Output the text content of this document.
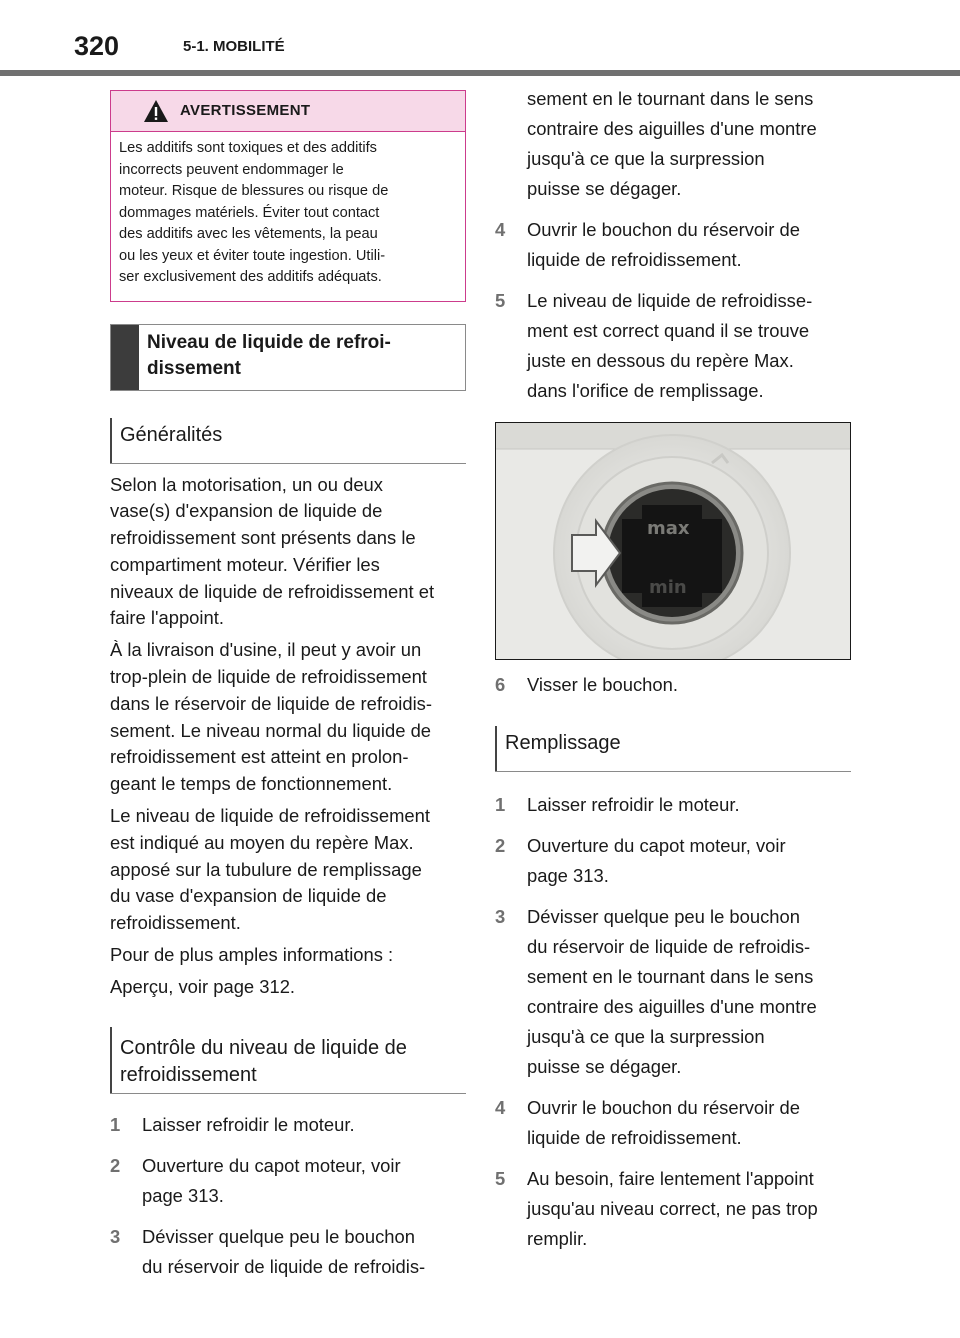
320	5-1. MOBILITÉ
AVERTISSEMENT
Les additifs sont toxiques et des additifs
incorrects peuvent endommager le
moteur. Risque de blessures ou risque de
dommages matériels. Éviter tout contact
des additifs avec les vêtements, la peau
ou les yeux et éviter toute ingestion. Utili-
ser exclusivement des additifs adéquats.
Niveau de liquide de refroi-
dissement
Généralités
Selon la motorisation, un ou deux
vase(s) d'expansion de liquide de
refroidissement sont présents dans le
compartiment moteur. Vérifier les
niveaux de liquide de refroidissement et
faire l'appoint.
À la livraison d'usine, il peut y avoir un
trop-plein de liquide de refroidissement
dans le réservoir de liquide de refroidis-
sement. Le niveau normal du liquide de
refroidissement est atteint en prolon-
geant le temps de fonctionnement.
Le niveau de liquide de refroidissement
est indiqué au moyen du repère Max.
apposé sur la tubulure de remplissage
du vase d'expansion de liquide de
refroidissement.
Pour de plus amples informations :
Aperçu, voir page 312.
Contrôle du niveau de liquide de
refroidissement
1	Laisser refroidir le moteur.
2	Ouverture du capot moteur, voir
page 313.
3	Dévisser quelque peu le bouchon
du réservoir de liquide de refroidis-
sement en le tournant dans le sens
contraire des aiguilles d'une montre
jusqu'à ce que la surpression
puisse se dégager.
4	Ouvrir le bouchon du réservoir de
liquide de refroidissement.
5	Le niveau de liquide de refroidisse-
ment est correct quand il se trouve
juste en dessous du repère Max.
dans l'orifice de remplissage.
max
min
6	Visser le bouchon.
Remplissage
1	Laisser refroidir le moteur.
2	Ouverture du capot moteur, voir
page 313.
3	Dévisser quelque peu le bouchon
du réservoir de liquide de refroidis-
sement en le tournant dans le sens
contraire des aiguilles d'une montre
jusqu'à ce que la surpression
puisse se dégager.
4	Ouvrir le bouchon du réservoir de
liquide de refroidissement.
5	Au besoin, faire lentement l'appoint
jusqu'au niveau correct, ne pas trop
remplir.
